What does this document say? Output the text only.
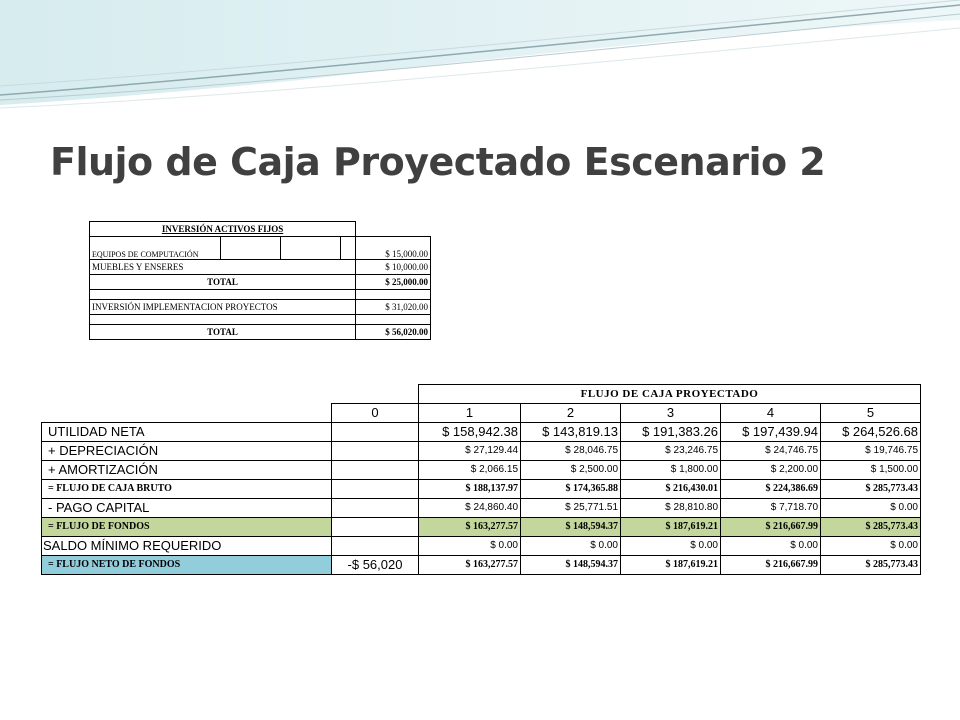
Flujo de Caja Proyectado Escenario 2
INVERSIÓN ACTIVOS FIJOS				
EQUIPOS DE COMPUTACIÓN				$ 15,000.00
MUEBLES Y ENSERES				$ 10,000.00
TOTAL				$ 25,000.00

INVERSIÓN IMPLEMENTACION PROYECTOS				$ 31,020.00

TOTAL				$ 56,020.00
		FLUJO DE CAJA PROYECTADO				
	0	1	2	3	4	5
UTILIDAD NETA		$ 158,942.38	$ 143,819.13	$ 191,383.26	$ 197,439.94	$ 264,526.68
+ DEPRECIACIÓN		$ 27,129.44	$ 28,046.75	$ 23,246.75	$ 24,746.75	$ 19,746.75
+ AMORTIZACIÓN		$ 2,066.15	$ 2,500.00	$ 1,800.00	$ 2,200.00	$ 1,500.00
= FLUJO DE CAJA BRUTO		$ 188,137.97	$ 174,365.88	$ 216,430.01	$ 224,386.69	$ 285,773.43
- PAGO CAPITAL		$ 24,860.40	$ 25,771.51	$ 28,810.80	$ 7,718.70	$ 0.00
= FLUJO DE FONDOS		$ 163,277.57	$ 148,594.37	$ 187,619.21	$ 216,667.99	$ 285,773.43
SALDO MÍNIMO REQUERIDO		$ 0.00	$ 0.00	$ 0.00	$ 0.00	$ 0.00
= FLUJO NETO DE FONDOS	-$ 56,020	$ 163,277.57	$ 148,594.37	$ 187,619.21	$ 216,667.99	$ 285,773.43
